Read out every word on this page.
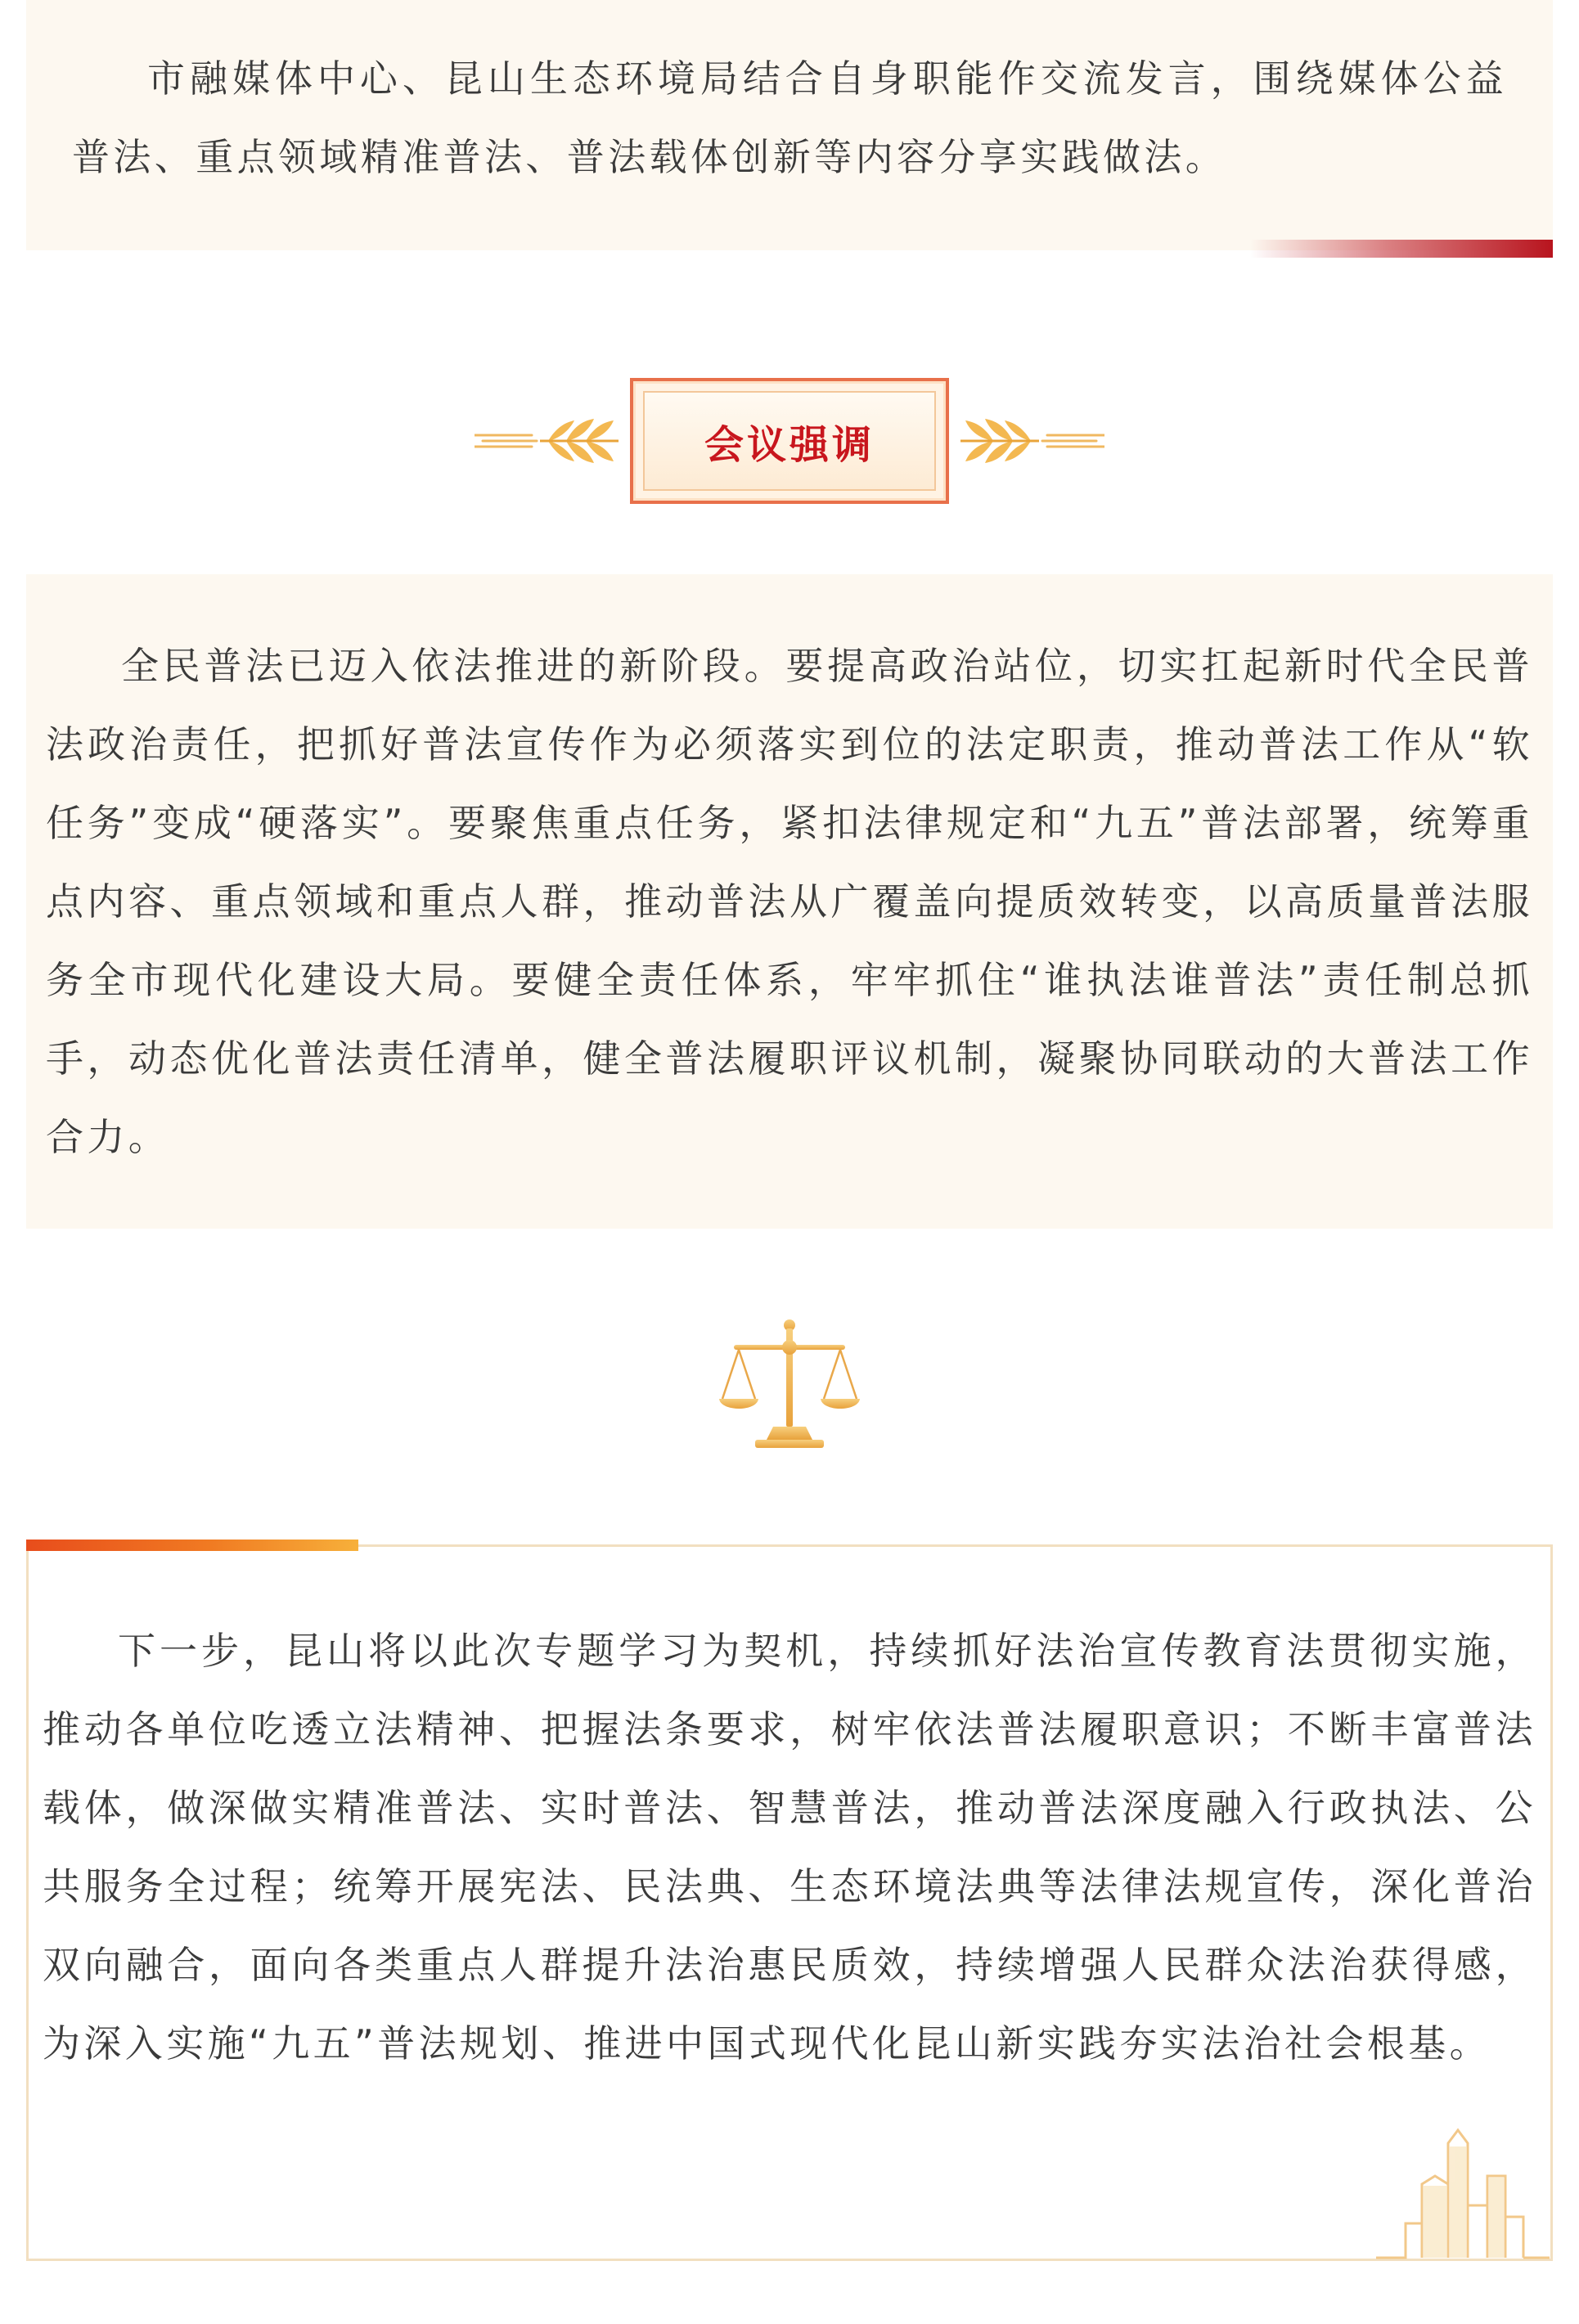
市融媒体中心、昆山生态环境局结合自身职能作交流发言，围绕媒体公益普法、重点领域精准普法、普法载体创新等内容分享实践做法。

会议强调

全民普法已迈入依法推进的新阶段。要提高政治站位，切实扛起新时代全民普法政治责任，把抓好普法宣传作为必须落实到位的法定职责，推动普法工作从“软任务”变成“硬落实”。要聚焦重点任务，紧扣法律规定和“九五”普法部署，统筹重点内容、重点领域和重点人群，推动普法从广覆盖向提质效转变，以高质量普法服务全市现代化建设大局。要健全责任体系，牢牢抓住“谁执法谁普法”责任制总抓手，动态优化普法责任清单，健全普法履职评议机制，凝聚协同联动的大普法工作合力。

下一步，昆山将以此次专题学习为契机，持续抓好法治宣传教育法贯彻实施，推动各单位吃透立法精神、把握法条要求，树牢依法普法履职意识；不断丰富普法载体，做深做实精准普法、实时普法、智慧普法，推动普法深度融入行政执法、公共服务全过程；统筹开展宪法、民法典、生态环境法典等法律法规宣传，深化普治双向融合，面向各类重点人群提升法治惠民质效，持续增强人民群众法治获得感，为深入实施“九五”普法规划、推进中国式现代化昆山新实践夯实法治社会根基。
